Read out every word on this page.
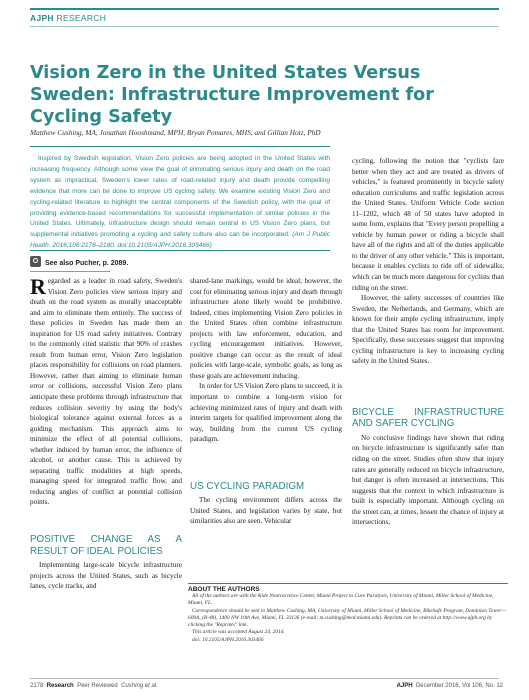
AJPH RESEARCH
Vision Zero in the United States Versus Sweden: Infrastructure Improvement for Cycling Safety
Matthew Cushing, MA, Jonathan Hooshmand, MPH, Bryan Pomares, MHS, and Gillian Hotz, PhD
Inspired by Swedish legislation, Vision Zero policies are being adopted in the United States with increasing frequency. Although some view the goal of eliminating serious injury and death on the road system as impractical, Sweden's lower rates of road-related injury and death provide compelling evidence that more can be done to improve US cycling safety. We examine existing Vision Zero and cycling-related literature to highlight the central components of the Swedish policy, with the goal of providing evidence-based recommendations for successful implementation of similar policies in the United States. Ultimately, infrastructure design should remain central in US Vision Zero plans, but supplemental initiatives promoting a cycling and safety culture also can be incorporated. (Am J Public Health. 2016;106:2178–2180. doi:10.2105/AJPH.2016.303466)
See also Pucher, p. 2089.

Regarded as a leader in road safety, Sweden's Vision Zero policies view serious injury and death on the road system as morally unacceptable and aim to eliminate them entirely. The success of these policies in Sweden has made them an inspiration for US road safety initiatives. Contrary to the commonly cited statistic that 90% of crashes result from human error, Vision Zero legislation places responsibility for collisions on road planners. However, rather than aiming to eliminate human error or collisions, successful Vision Zero plans anticipate these problems through infrastructure that reduces collision severity by using the body's biological tolerance against external forces as a guiding mechanism. This approach aims to minimize the effect of all potential collisions, whether induced by human error, the influence of alcohol, or another cause. This is achieved by separating traffic modalities at high speeds, managing speed for integrated traffic flow, and reducing angles of conflict at potential collision points.

POSITIVE CHANGE AS A RESULT OF IDEAL POLICIES

Implementing large-scale bicycle infrastructure projects across the United States, such as bicycle lanes, cycle tracks, and

shared-lane markings, would be ideal; however, the cost for eliminating serious injury and death through infrastructure alone likely would be prohibitive. Indeed, cities implementing Vision Zero policies in the United States often combine infrastructure projects with law enforcement, education, and cycling encouragement initiatives. However, positive change can occur as the result of ideal policies with large-scale, symbolic goals, as long as these goals are achievement inducing.

In order for US Vision Zero plans to succeed, it is important to combine a long-term vision for achieving minimized rates of injury and death with interim targets for qualified improvement along the way, building from the current US cycling paradigm.

US CYCLING PARADIGM

The cycling environment differs across the United States, and legislation varies by state, but similarities also are seen. Vehicular

cycling, following the notion that "cyclists fare better when they act and are treated as drivers of vehicles," is featured prominently in bicycle safety education curriculums and traffic legislation across the United States. Uniform Vehicle Code section 11–1202, which 48 of 50 states have adopted in some form, explains that "Every person propelling a vehicle by human power or riding a bicycle shall have all of the rights and all of the duties applicable to the driver of any other vehicle." This is important, because it enables cyclists to ride off of sidewalks, which can be much more dangerous for cyclists than riding on the street.

However, the safety successes of countries like Sweden, the Netherlands, and Germany, which are known for their ample cycling infrastructure, imply that the United States has room for improvement. Specifically, these successes suggest that improving cycling infrastructure is key to increasing cycling safety in the United States.

BICYCLE INFRASTRUCTURE AND SAFER CYCLING

No conclusive findings have shown that riding on bicycle infrastructure is significantly safer than riding on the street. Studies often show that injury rates are generally reduced on bicycle infrastructure, but danger is often increased at intersections. This suggests that the context in which infrastructure is built is especially important. Although cycling on the street can, at times, lessen the chance of injury at intersections,

ABOUT THE AUTHORS

All of the authors are with the Kide Neuroscience Center, Miami Project to Cure Paralysis, University of Miami, Miller School of Medicine, Miami, FL.

Correspondence should be sent to Matthew Cushing, MA, University of Miami, Miller School of Medicine, BikeSafe Program, Dominion Tower—609A, (R-48), 1400 NW 10th Ave, Miami, FL 33136 (e-mail: m.cushing@med.miami.edu). Reprints can be ordered at http://www.ajph.org by clicking the "Reprints" link.

This article was accepted August 24, 2016.

doi: 10.2105/AJPH.2016.303466

2178 Research Peer Reviewed Cushing et al.	AJPH December 2016, Vol 106, No. 12
